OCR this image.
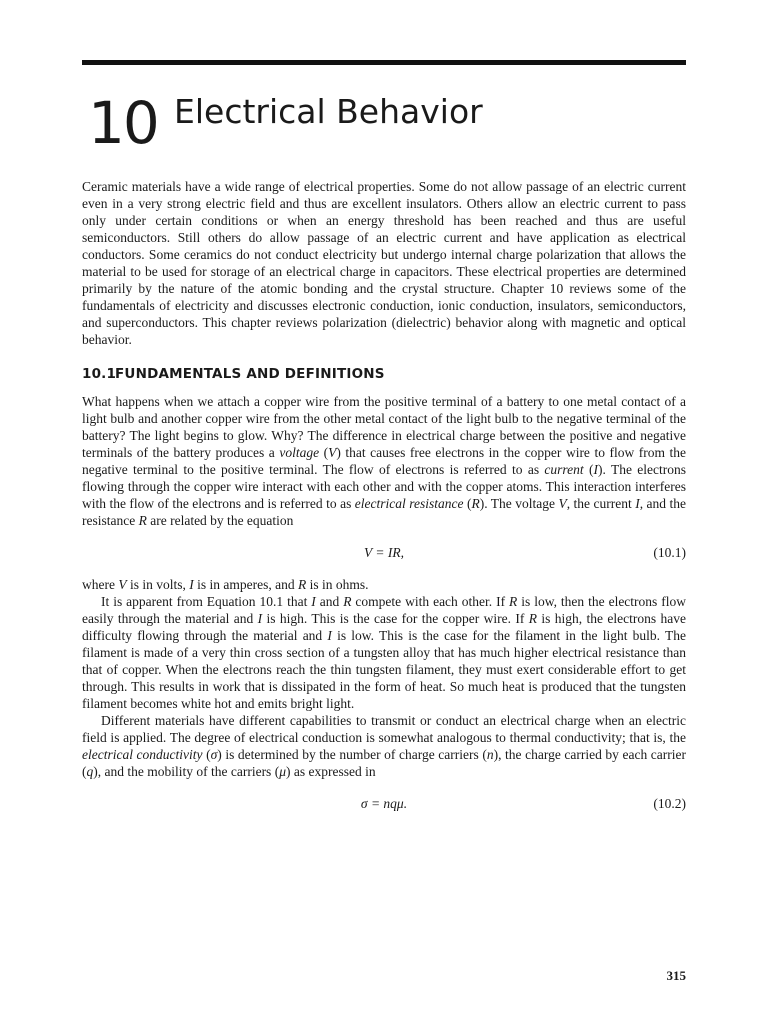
10 Electrical Behavior

Ceramic materials have a wide range of electrical properties. Some do not allow passage of an electric current even in a very strong electric field and thus are excellent insulators. Others allow an electric current to pass only under certain conditions or when an energy threshold has been reached and thus are useful semiconductors. Still others do allow passage of an electric current and have application as electrical conductors. Some ceramics do not conduct electricity but undergo internal charge polarization that allows the material to be used for storage of an electrical charge in capacitors. These electrical properties are determined primarily by the nature of the atomic bonding and the crystal structure. Chapter 10 reviews some of the fundamentals of electricity and discusses electronic conduction, ionic conduction, insulators, semiconductors, and superconductors. This chapter reviews polarization (dielectric) behavior along with magnetic and optical behavior.

10.1FUNDAMENTALS AND DEFINITIONS

What happens when we attach a copper wire from the positive terminal of a battery to one metal contact of a light bulb and another copper wire from the other metal contact of the light bulb to the negative terminal of the battery? The light begins to glow. Why? The difference in electrical charge between the positive and negative terminals of the battery produces a voltage (V) that causes free electrons in the copper wire to flow from the negative terminal to the positive terminal. The flow of electrons is referred to as current (I). The electrons flowing through the copper wire interact with each other and with the copper atoms. This interaction interferes with the flow of the electrons and is referred to as electrical resistance (R). The voltage V, the current I, and the resistance R are related by the equation

V = IR,	(10.1)

where V is in volts, I is in amperes, and R is in ohms.

It is apparent from Equation 10.1 that I and R compete with each other. If R is low, then the electrons flow easily through the material and I is high. This is the case for the copper wire. If R is high, the electrons have difficulty flowing through the material and I is low. This is the case for the filament in the light bulb. The filament is made of a very thin cross section of a tungsten alloy that has much higher electrical resistance than that of copper. When the electrons reach the thin tungsten filament, they must exert considerable effort to get through. This results in work that is dissipated in the form of heat. So much heat is produced that the tungsten filament becomes white hot and emits bright light.

Different materials have different capabilities to transmit or conduct an electrical charge when an electric field is applied. The degree of electrical conduction is somewhat analogous to thermal conductivity; that is, the electrical conductivity (σ) is determined by the number of charge carriers (n), the charge carried by each carrier (q), and the mobility of the carriers (μ) as expressed in

σ = nqμ.	(10.2)
315
